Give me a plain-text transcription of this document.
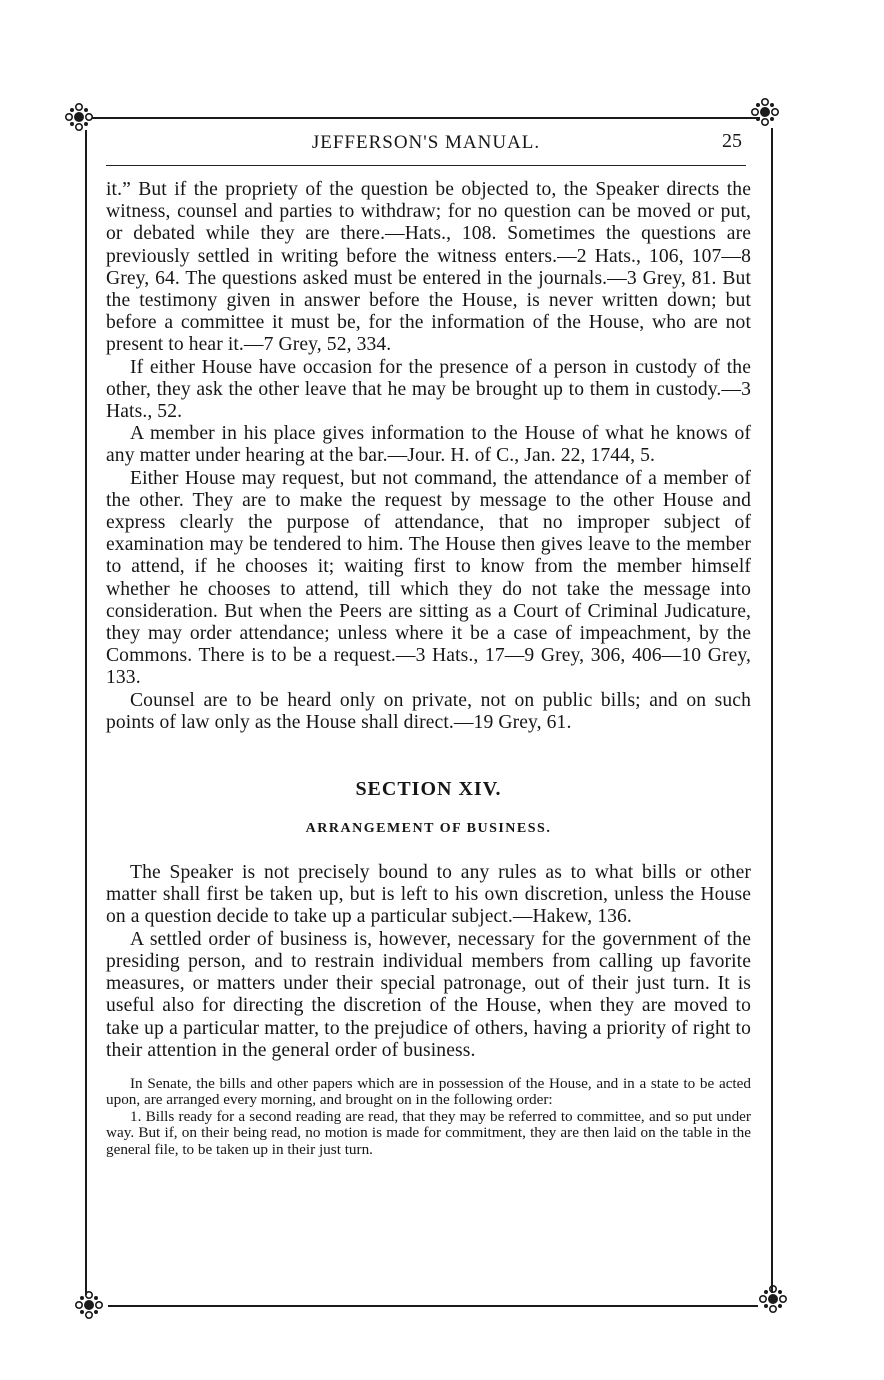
JEFFERSON'S MANUAL.	25

it.” But if the propriety of the question be objected to, the Speaker directs the witness, counsel and parties to withdraw; for no question can be moved or put, or debated while they are there.—Hats., 108. Sometimes the questions are previously settled in writing before the witness enters.—2 Hats., 106, 107—8 Grey, 64. The questions asked must be entered in the journals.—3 Grey, 81. But the testimony given in answer before the House, is never written down; but before a committee it must be, for the information of the House, who are not present to hear it.—7 Grey, 52, 334.

If either House have occasion for the presence of a person in custody of the other, they ask the other leave that he may be brought up to them in custody.—3 Hats., 52.

A member in his place gives information to the House of what he knows of any matter under hearing at the bar.—Jour. H. of C., Jan. 22, 1744, 5.

Either House may request, but not command, the attendance of a member of the other. They are to make the request by message to the other House and express clearly the purpose of attendance, that no improper subject of examination may be tendered to him. The House then gives leave to the member to attend, if he chooses it; waiting first to know from the member himself whether he chooses to attend, till which they do not take the message into consideration. But when the Peers are sitting as a Court of Criminal Judicature, they may order attendance; unless where it be a case of impeachment, by the Commons. There is to be a request.—3 Hats., 17—9 Grey, 306, 406—10 Grey, 133.

Counsel are to be heard only on private, not on public bills; and on such points of law only as the House shall direct.—19 Grey, 61.

SECTION XIV.
ARRANGEMENT OF BUSINESS.

The Speaker is not precisely bound to any rules as to what bills or other matter shall first be taken up, but is left to his own discretion, unless the House on a question decide to take up a particular subject.—Hakew, 136.

A settled order of business is, however, necessary for the government of the presiding person, and to restrain individual members from calling up favorite measures, or matters under their special patronage, out of their just turn. It is useful also for directing the discretion of the House, when they are moved to take up a particular matter, to the prejudice of others, having a priority of right to their attention in the general order of business.

In Senate, the bills and other papers which are in possession of the House, and in a state to be acted upon, are arranged every morning, and brought on in the following order:

1. Bills ready for a second reading are read, that they may be referred to committee, and so put under way. But if, on their being read, no motion is made for commitment, they are then laid on the table in the general file, to be taken up in their just turn.
